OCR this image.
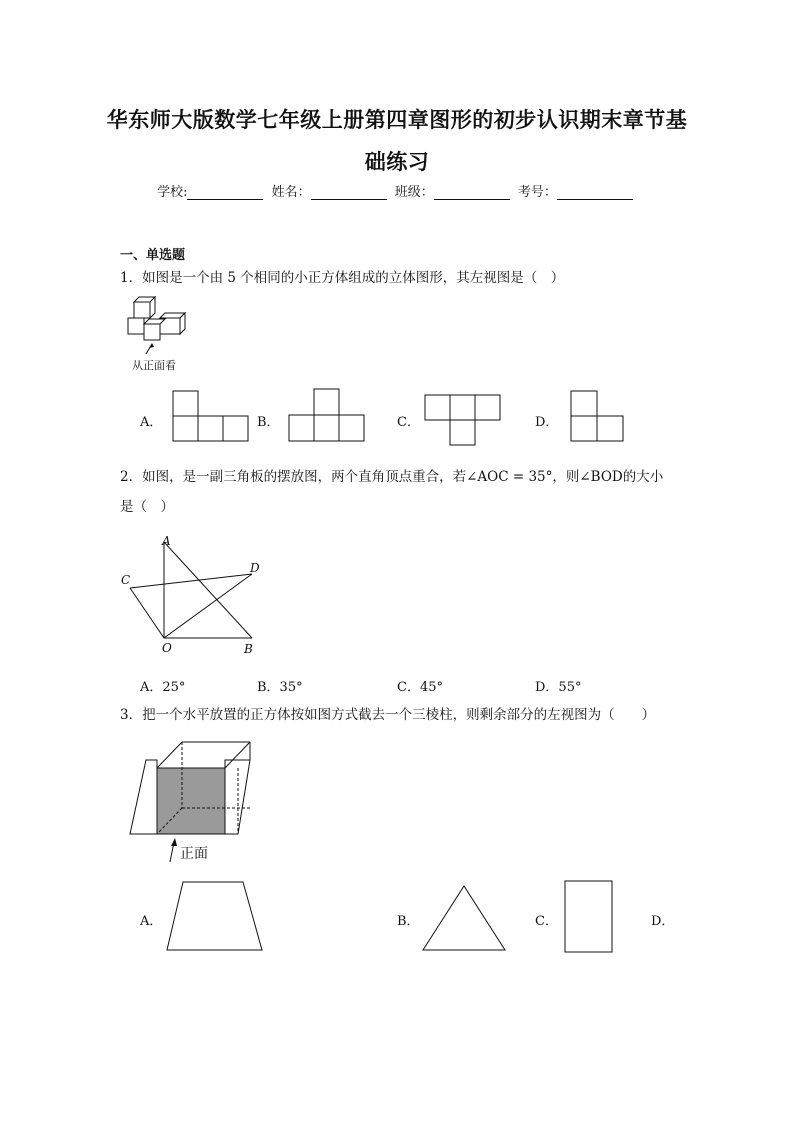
华东师大版数学七年级上册第四章图形的初步认识期末章节基
础练习
学校:	姓名：	班级：	考号：
一、单选题
1．如图是一个由 5 个相同的小正方体组成的立体图形，其左视图是（　）
从正面看
A．	B．	C．	D．
2．如图，是一副三角板的摆放图，两个直角顶点重合，若∠AOC = 35°，则∠BOD的大小
是（　）
A
B
C
D
O
A．25°	B．35°	C．45°	D．55°
3．把一个水平放置的正方体按如图方式截去一个三棱柱，则剩余部分的左视图为（　　）
正面
A．	B．	C．	D．
